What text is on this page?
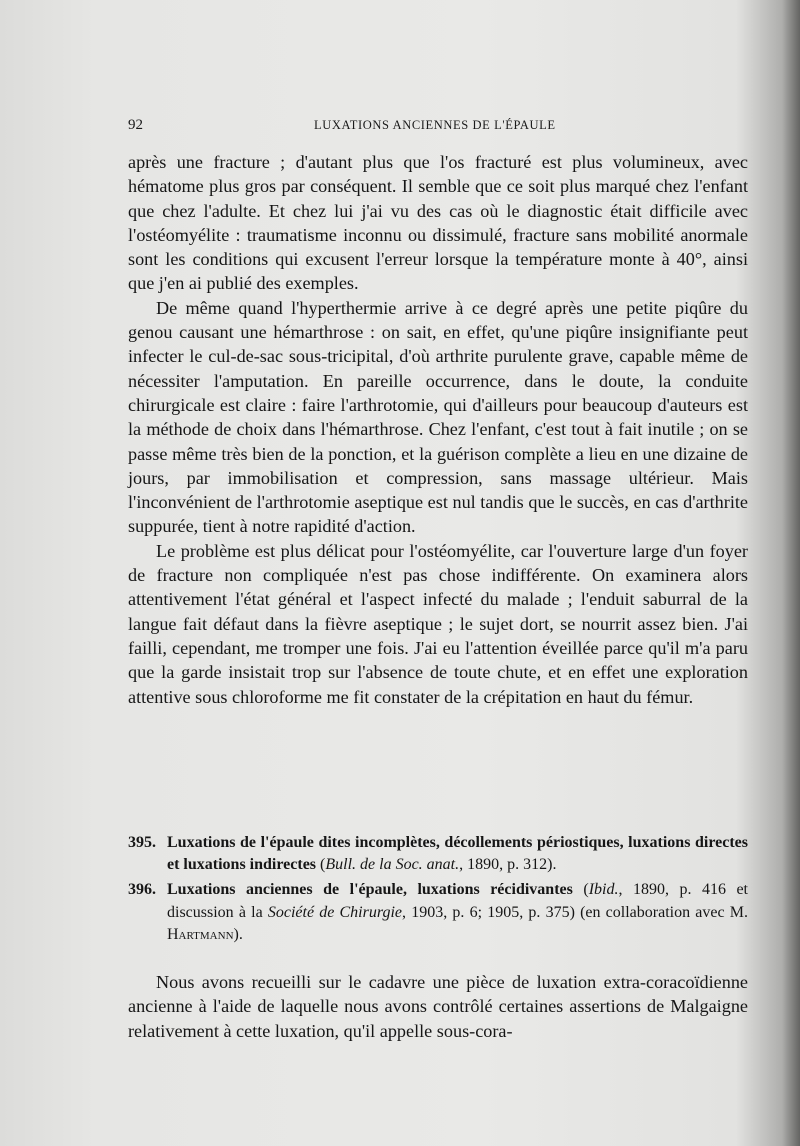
92	LUXATIONS ANCIENNES DE L'ÉPAULE

après une fracture ; d'autant plus que l'os fracturé est plus volumineux, avec hématome plus gros par conséquent. Il semble que ce soit plus marqué chez l'enfant que chez l'adulte. Et chez lui j'ai vu des cas où le diagnostic était difficile avec l'ostéomyélite : traumatisme inconnu ou dissimulé, fracture sans mobilité anormale sont les conditions qui excusent l'erreur lorsque la température monte à 40°, ainsi que j'en ai publié des exemples.

De même quand l'hyperthermie arrive à ce degré après une petite piqûre du genou causant une hémarthrose : on sait, en effet, qu'une piqûre insignifiante peut infecter le cul-de-sac sous-tricipital, d'où arthrite purulente grave, capable même de nécessiter l'amputation. En pareille occurrence, dans le doute, la conduite chirurgicale est claire : faire l'arthrotomie, qui d'ailleurs pour beaucoup d'auteurs est la méthode de choix dans l'hémarthrose. Chez l'enfant, c'est tout à fait inutile ; on se passe même très bien de la ponction, et la guérison complète a lieu en une dizaine de jours, par immobilisation et compression, sans massage ultérieur. Mais l'inconvénient de l'arthrotomie aseptique est nul tandis que le succès, en cas d'arthrite suppurée, tient à notre rapidité d'action.

Le problème est plus délicat pour l'ostéomyélite, car l'ouverture large d'un foyer de fracture non compliquée n'est pas chose indifférente. On examinera alors attentivement l'état général et l'aspect infecté du malade ; l'enduit saburral de la langue fait défaut dans la fièvre aseptique ; le sujet dort, se nourrit assez bien. J'ai failli, cependant, me tromper une fois. J'ai eu l'attention éveillée parce qu'il m'a paru que la garde insistait trop sur l'absence de toute chute, et en effet une exploration attentive sous chloroforme me fit constater de la crépitation en haut du fémur.

395. Luxations de l'épaule dites incomplètes, décollements périostiques, luxations directes et luxations indirectes (Bull. de la Soc. anat., 1890, p. 312).
396. Luxations anciennes de l'épaule, luxations récidivantes (Ibid., 1890, p. 416 et discussion à la Société de Chirurgie, 1903, p. 6; 1905, p. 375) (en collaboration avec M. Hartmann).

Nous avons recueilli sur le cadavre une pièce de luxation extra-coracoïdienne ancienne à l'aide de laquelle nous avons contrôlé certaines assertions de Malgaigne relativement à cette luxation, qu'il appelle sous-cora-
